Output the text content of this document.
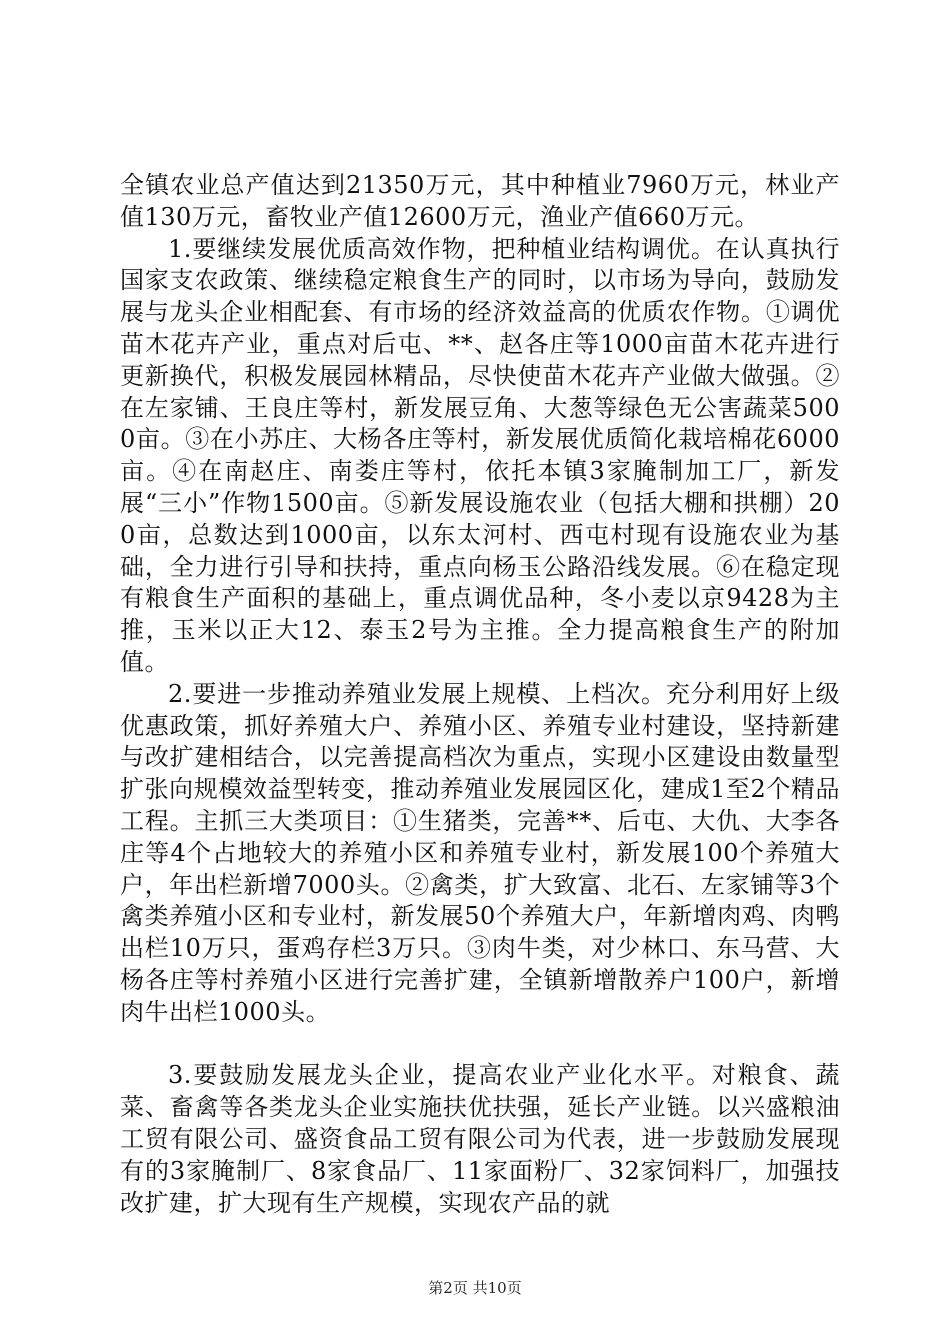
全镇农业总产值达到21350万元，其中种植业7960万元，林业产值130万元，畜牧业产值12600万元，渔业产值660万元。

1.要继续发展优质高效作物，把种植业结构调优。在认真执行国家支农政策、继续稳定粮食生产的同时，以市场为导向，鼓励发展与龙头企业相配套、有市场的经济效益高的优质农作物。①调优苗木花卉产业，重点对后屯、**、赵各庄等1000亩苗木花卉进行更新换代，积极发展园林精品，尽快使苗木花卉产业做大做强。②在左家铺、王良庄等村，新发展豆角、大葱等绿色无公害蔬菜5000亩。③在小苏庄、大杨各庄等村，新发展优质简化栽培棉花6000亩。④在南赵庄、南娄庄等村，依托本镇3家腌制加工厂，新发展“三小”作物1500亩。⑤新发展设施农业（包括大棚和拱棚）200亩，总数达到1000亩，以东太河村、西屯村现有设施农业为基础，全力进行引导和扶持，重点向杨玉公路沿线发展。⑥在稳定现有粮食生产面积的基础上，重点调优品种，冬小麦以京9428为主推，玉米以正大12、泰玉2号为主推。全力提高粮食生产的附加值。

2.要进一步推动养殖业发展上规模、上档次。充分利用好上级优惠政策，抓好养殖大户、养殖小区、养殖专业村建设，坚持新建与改扩建相结合，以完善提高档次为重点，实现小区建设由数量型扩张向规模效益型转变，推动养殖业发展园区化，建成1至2个精品工程。主抓三大类项目：①生猪类，完善**、后屯、大仇、大李各庄等4个占地较大的养殖小区和养殖专业村，新发展100个养殖大户，年出栏新增7000头。②禽类，扩大致富、北石、左家铺等3个禽类养殖小区和专业村，新发展50个养殖大户，年新增肉鸡、肉鸭出栏10万只，蛋鸡存栏3万只。③肉牛类，对少林口、东马营、大杨各庄等村养殖小区进行完善扩建，全镇新增散养户100户，新增肉牛出栏1000头。

3.要鼓励发展龙头企业，提高农业产业化水平。对粮食、蔬菜、畜禽等各类龙头企业实施扶优扶强，延长产业链。以兴盛粮油工贸有限公司、盛资食品工贸有限公司为代表，进一步鼓励发展现有的3家腌制厂、8家食品厂、11家面粉厂、32家饲料厂，加强技改扩建，扩大现有生产规模，实现农产品的就

第2页 共10页
